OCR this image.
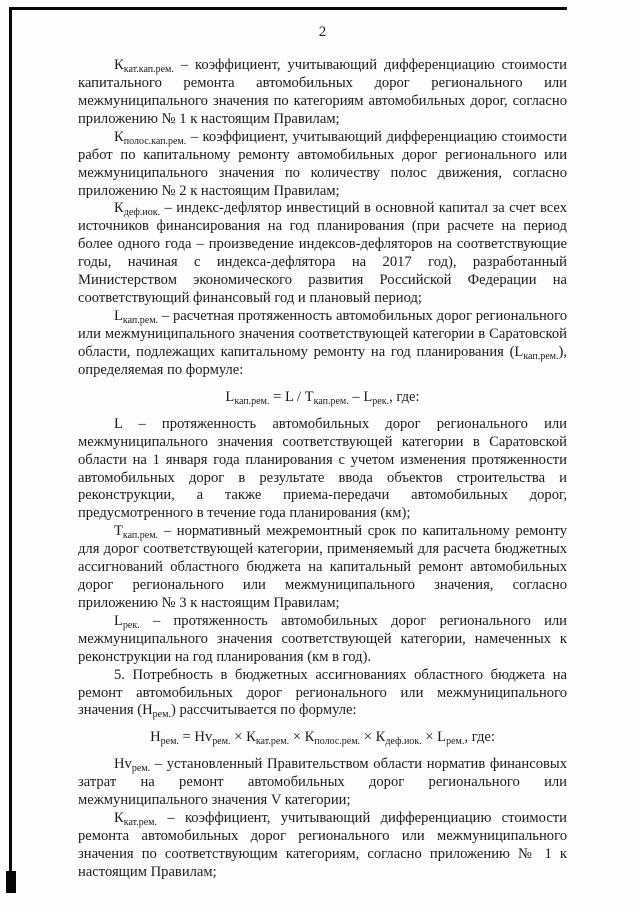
2
$К_{кат.кап.рем.}$ – коэффициент, учитывающий дифференциацию стоимости капитального ремонта автомобильных дорог регионального или межмуниципального значения по категориям автомобильных дорог, согласно приложению № 1 к настоящим Правилам;
$К_{полос.кап.рем.}$ – коэффициент, учитывающий дифференциацию стоимости работ по капитальному ремонту автомобильных дорог регионального или межмуниципального значения по количеству полос движения, согласно приложению № 2 к настоящим Правилам;
$К_{деф.иок.}$ – индекс-дефлятор инвестиций в основной капитал за счет всех источников финансирования на год планирования (при расчете на период более одного года – произведение индексов-дефляторов на соответствующие годы, начиная с индекса-дефлятора на 2017 год), разработанный Министерством экономического развития Российской Федерации на соответствующий финансовый год и плановый период;
$L_{кап.рем.}$ – расчетная протяженность автомобильных дорог регионального или межмуниципального значения соответствующей категории в Саратовской области, подлежащих капитальному ремонту на год планирования $(L_{кап.рем.})$, определяемая по формуле:
$L_{кап.рем.} = L / Т_{кап.рем.} - L_{рек.}$, где:
L – протяженность автомобильных дорог регионального или межмуниципального значения соответствующей категории в Саратовской области на 1 января года планирования с учетом изменения протяженности автомобильных дорог в результате ввода объектов строительства и реконструкции, а также приема-передачи автомобильных дорог, предусмотренного в течение года планирования (км);
$Т_{кап.рем.}$ – нормативный межремонтный срок по капитальному ремонту для дорог соответствующей категории, применяемый для расчета бюджетных ассигнований областного бюджета на капитальный ремонт автомобильных дорог регионального или межмуниципального значения, согласно приложению № 3 к настоящим Правилам;
$L_{рек.}$ – протяженность автомобильных дорог регионального или межмуниципального значения соответствующей категории, намеченных к реконструкции на год планирования (км в год).
5. Потребность в бюджетных ассигнованиях областного бюджета на ремонт автомобильных дорог регионального или межмуниципального значения $(Н_{рем.})$ рассчитывается по формуле:
$Н_{рем.} = Нv_{рем.} \times К_{кат.рем.} \times К_{полос.рем.} \times К_{деф.иок.} \times L_{рем.}$, где:
$Нv_{рем.}$ – установленный Правительством области норматив финансовых затрат на ремонт автомобильных дорог регионального или межмуниципального значения V категории;
$К_{кат.рем.}$ – коэффициент, учитывающий дифференциацию стоимости ремонта автомобильных дорог регионального или межмуниципального значения по соответствующим категориям, согласно приложению № 1 к настоящим Правилам;
